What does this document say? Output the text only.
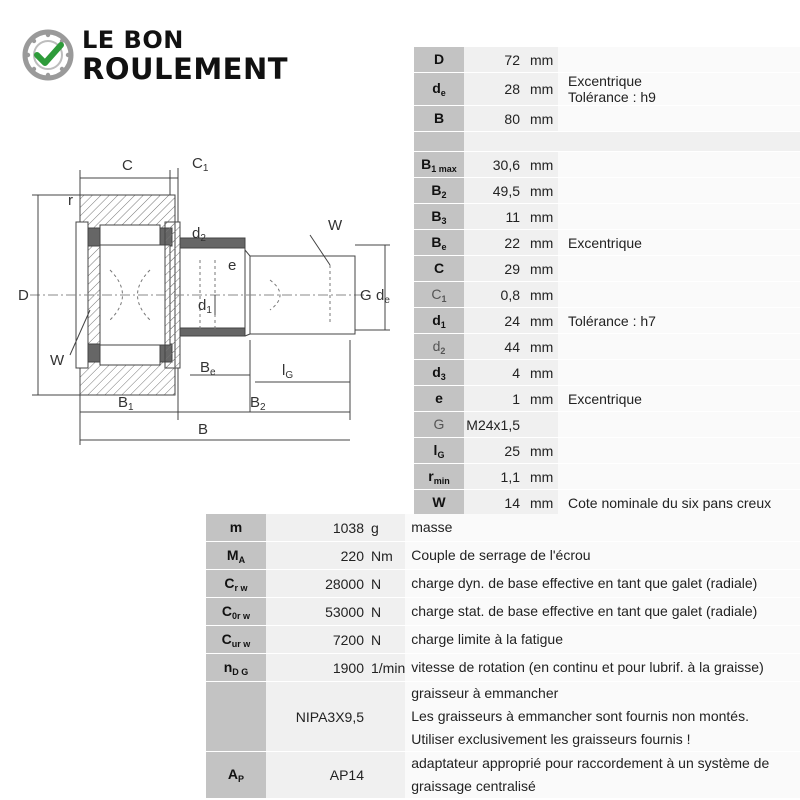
LE BON
ROULEMENT
C	$C_1$
r
$d_2$
W
e
D	G $d_e$
$d_1$
W	$B_e$	$l_G$
$B_1$	$B_2$
B
D	72	mm	

$d_e$	28	mm	Excentrique
Tolérance : h9

B	80	mm	

$B_{1 max}$	30,6	mm	

$B_2$	49,5	mm	

$B_3$	11	mm	

$B_e$	22	mm	Excentrique

C	29	mm	

$C_1$	0,8	mm	

$d_1$	24	mm	Tolérance : h7

$d_2$	44	mm	

$d_3$	4	mm	

e	1	mm	Excentrique

G	M24x1,5		

$l_G$	25	mm	

$r_{min}$	1,1	mm	

W	14	mm	Cote nominale du six pans creux
m	1038	g	masse

$M_A$	220	Nm	Couple de serrage de l'écrou

$C_{r w}$	28000	N	charge dyn. de base effective en tant que galet (radiale)

$C_{0r w}$	53000	N	charge stat. de base effective en tant que galet (radiale)

$C_{ur w}$	7200	N	charge limite à la fatigue

$n_{D G}$	1900	1/min	vitesse de rotation (en continu et pour lubrif. à la graisse)

	NIPA3X9,5		graisseur à emmancher
Les graisseurs à emmancher sont fournis non montés.
Utiliser exclusivement les graisseurs fournis !

$A_P$	AP14		adaptateur approprié pour raccordement à un système de
graissage centralisé
